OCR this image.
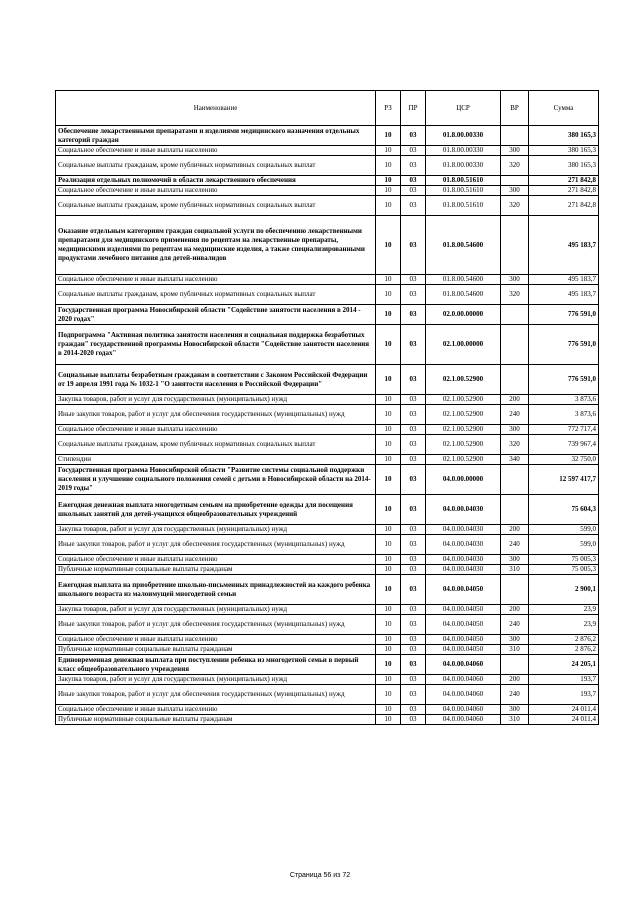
Наименование	РЗ	ПР	ЦСР	ВР	Сумма
Обеспечение лекарственными препаратами и изделиями медицинского назначения отдельных категорий граждан	10	03	01.8.00.00330		380 165,3
Социальное обеспечение и иные выплаты населению	10	03	01.8.00.00330	300	380 165,3
Социальные выплаты гражданам, кроме публичных нормативных социальных выплат	10	03	01.8.00.00330	320	380 165,3
Реализация отдельных полномочий в области лекарственного обеспечения	10	03	01.8.00.51610		271 842,8
Социальное обеспечение и иные выплаты населению	10	03	01.8.00.51610	300	271 842,8
Социальные выплаты гражданам, кроме публичных нормативных социальных выплат	10	03	01.8.00.51610	320	271 842,8
Оказание отдельным категориям граждан социальной услуги по обеспечению лекарственными препаратами для медицинского применения по рецептам на лекарственные препараты, медицинскими изделиями по рецептам на медицинские изделия, а также специализированными продуктами лечебного питания для детей-инвалидов	10	03	01.8.00.54600		495 183,7
Социальное обеспечение и иные выплаты населению	10	03	01.8.00.54600	300	495 183,7
Социальные выплаты гражданам, кроме публичных нормативных социальных выплат	10	03	01.8.00.54600	320	495 183,7
Государственная программа Новосибирской области "Содействие занятости населения в 2014 - 2020 годах"	10	03	02.0.00.00000		776 591,0
Подпрограмма "Активная политика занятости населения и социальная поддержка безработных граждан" государственной программы Новосибирской области "Содействие занятости населения в 2014-2020 годах"	10	03	02.1.00.00000		776 591,0
Социальные выплаты безработным гражданам в соответствии с Законом Российской Федерации от 19 апреля 1991 года № 1032-1 "О занятости населения в Российской Федерации"	10	03	02.1.00.52900		776 591,0
Закупка товаров, работ и услуг для государственных (муниципальных) нужд	10	03	02.1.00.52900	200	3 873,6
Иные закупки товаров, работ и услуг для обеспечения государственных (муниципальных) нужд	10	03	02.1.00.52900	240	3 873,6
Социальное обеспечение и иные выплаты населению	10	03	02.1.00.52900	300	772 717,4
Социальные выплаты гражданам, кроме публичных нормативных социальных выплат	10	03	02.1.00.52900	320	739 967,4
Стипендии	10	03	02.1.00.52900	340	32 750,0
Государственная программа Новосибирской области "Развитие системы социальной поддержки населения и улучшение социального положения семей с детьми в Новосибирской области на 2014-2019 годы"	10	03	04.0.00.00000		12 597 417,7
Ежегодная денежная выплата многодетным семьям на приобретение одежды для посещения школьных занятий для детей-учащихся общеобразовательных учреждений	10	03	04.0.00.04030		75 604,3
Закупка товаров, работ и услуг для государственных (муниципальных) нужд	10	03	04.0.00.04030	200	599,0
Иные закупки товаров, работ и услуг для обеспечения государственных (муниципальных) нужд	10	03	04.0.00.04030	240	599,0
Социальное обеспечение и иные выплаты населению	10	03	04.0.00.04030	300	75 005,3
Публичные нормативные социальные выплаты гражданам	10	03	04.0.00.04030	310	75 005,3
Ежегодная выплата на приобретение школьно-письменных принадлежностей на каждого ребенка школьного возраста из малоимущей многодетной семьи	10	03	04.0.00.04050		2 900,1
Закупка товаров, работ и услуг для государственных (муниципальных) нужд	10	03	04.0.00.04050	200	23,9
Иные закупки товаров, работ и услуг для обеспечения государственных (муниципальных) нужд	10	03	04.0.00.04050	240	23,9
Социальное обеспечение и иные выплаты населению	10	03	04.0.00.04050	300	2 876,2
Публичные нормативные социальные выплаты гражданам	10	03	04.0.00.04050	310	2 876,2
Единовременная денежная выплата при поступлении ребенка из многодетной семьи в первый класс общеобразовательного учреждения	10	03	04.0.00.04060		24 205,1
Закупка товаров, работ и услуг для государственных (муниципальных) нужд	10	03	04.0.00.04060	200	193,7
Иные закупки товаров, работ и услуг для обеспечения государственных (муниципальных) нужд	10	03	04.0.00.04060	240	193,7
Социальное обеспечение и иные выплаты населению	10	03	04.0.00.04060	300	24 011,4
Публичные нормативные социальные выплаты гражданам	10	03	04.0.00.04060	310	24 011,4
Страница 56 из 72
